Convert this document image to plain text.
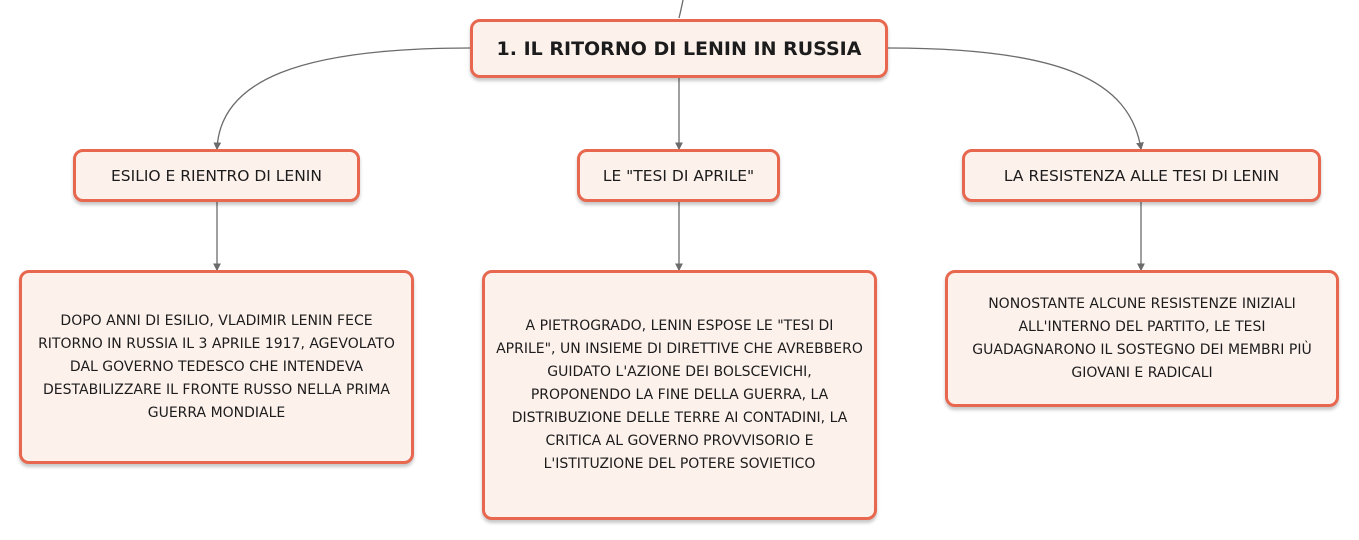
1. IL RITORNO DI LENIN IN RUSSIA
ESILIO E RIENTRO DI LENIN	LE "TESI DI APRILE"	LA RESISTENZA ALLE TESI DI LENIN
DOPO ANNI DI ESILIO, VLADIMIR LENIN FECE RITORNO IN RUSSIA IL 3 APRILE 1917, AGEVOLATO DAL GOVERNO TEDESCO CHE INTENDEVA DESTABILIZZARE IL FRONTE RUSSO NELLA PRIMA GUERRA MONDIALE
A PIETROGRADO, LENIN ESPOSE LE "TESI DI APRILE", UN INSIEME DI DIRETTIVE CHE AVREBBERO GUIDATO L'AZIONE DEI BOLSCEVICHI, PROPONENDO LA FINE DELLA GUERRA, LA DISTRIBUZIONE DELLE TERRE AI CONTADINI, LA CRITICA AL GOVERNO PROVVISORIO E L'ISTITUZIONE DEL POTERE SOVIETICO
NONOSTANTE ALCUNE RESISTENZE INIZIALI ALL'INTERNO DEL PARTITO, LE TESI GUADAGNARONO IL SOSTEGNO DEI MEMBRI PIÙ GIOVANI E RADICALI
